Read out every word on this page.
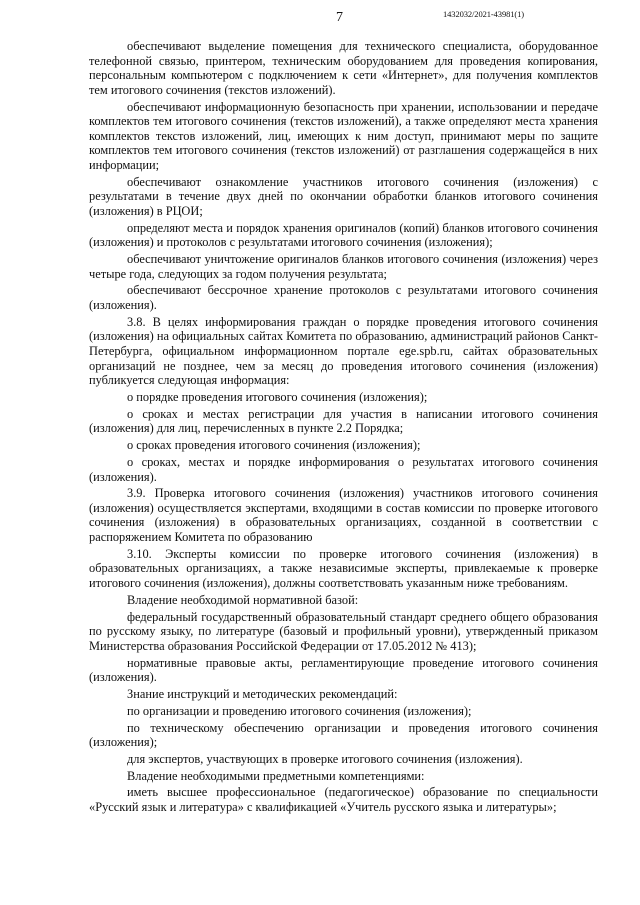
7	1432032/2021-43981(1)

обеспечивают выделение помещения для технического специалиста, оборудованное телефонной связью, принтером, техническим оборудованием для проведения копирования, персональным компьютером с подключением к сети «Интернет», для получения комплектов тем итогового сочинения (текстов изложений).

обеспечивают информационную безопасность при хранении, использовании и передаче комплектов тем итогового сочинения (текстов изложений), а также определяют места хранения комплектов текстов изложений, лиц, имеющих к ним доступ, принимают меры по защите комплектов тем итогового сочинения (текстов изложений) от разглашения содержащейся в них информации;

обеспечивают ознакомление участников итогового сочинения (изложения) с результатами в течение двух дней по окончании обработки бланков итогового сочинения (изложения) в РЦОИ;

определяют места и порядок хранения оригиналов (копий) бланков итогового сочинения (изложения) и протоколов с результатами итогового сочинения (изложения);

обеспечивают уничтожение оригиналов бланков итогового сочинения (изложения) через четыре года, следующих за годом получения результата;

обеспечивают бессрочное хранение протоколов с результатами итогового сочинения (изложения).

3.8. В целях информирования граждан о порядке проведения итогового сочинения (изложения) на официальных сайтах Комитета по образованию, администраций районов Санкт-Петербурга, официальном информационном портале ege.spb.ru, сайтах образовательных организаций не позднее, чем за месяц до проведения итогового сочинения (изложения) публикуется следующая информация:

о порядке проведения итогового сочинения (изложения);

о сроках и местах регистрации для участия в написании итогового сочинения (изложения) для лиц, перечисленных в пункте 2.2 Порядка;

о сроках проведения итогового сочинения (изложения);

о сроках, местах и порядке информирования о результатах итогового сочинения (изложения).

3.9. Проверка итогового сочинения (изложения) участников итогового сочинения (изложения) осуществляется экспертами, входящими в состав комиссии по проверке итогового сочинения (изложения) в образовательных организациях, созданной в соответствии с распоряжением Комитета по образованию

3.10. Эксперты комиссии по проверке итогового сочинения (изложения) в образовательных организациях, а также независимые эксперты, привлекаемые к проверке итогового сочинения (изложения), должны соответствовать указанным ниже требованиям.

Владение необходимой нормативной базой:

федеральный государственный образовательный стандарт среднего общего образования по русскому языку, по литературе (базовый и профильный уровни), утвержденный приказом Министерства образования Российской Федерации от 17.05.2012 № 413);

нормативные правовые акты, регламентирующие проведение итогового сочинения (изложения).

Знание инструкций и методических рекомендаций:

по организации и проведению итогового сочинения (изложения);

по техническому обеспечению организации и проведения итогового сочинения (изложения);

для экспертов, участвующих в проверке итогового сочинения (изложения).

Владение необходимыми предметными компетенциями:

иметь высшее профессиональное (педагогическое) образование по специальности «Русский язык и литература» с квалификацией «Учитель русского языка и литературы»;
